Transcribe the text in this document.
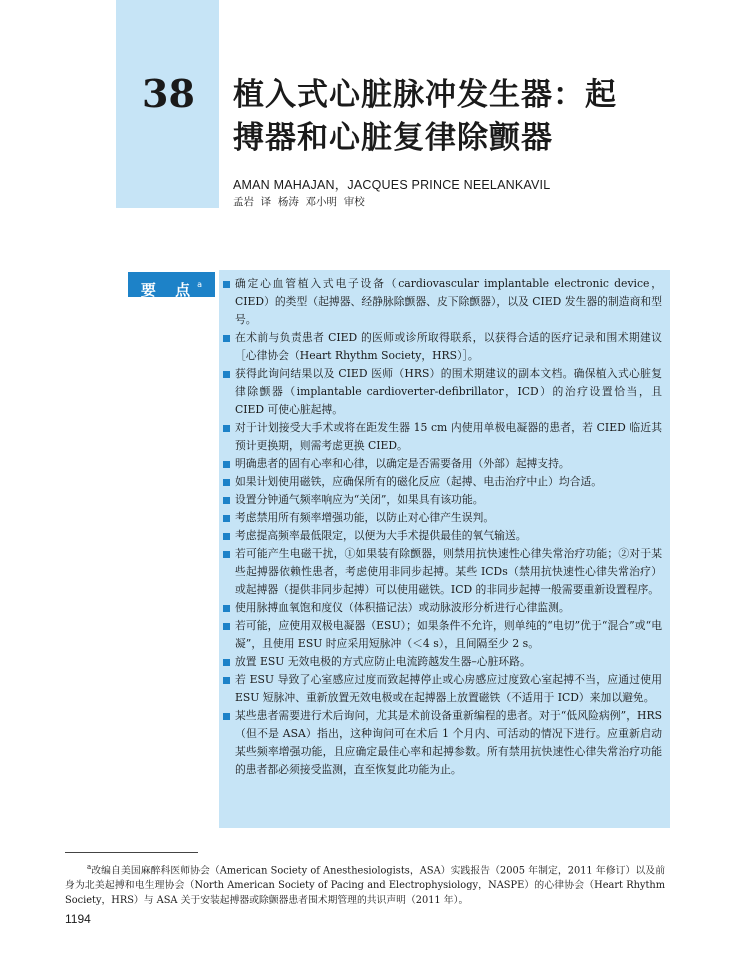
38 植入式心脏脉冲发生器：起
搏器和心脏复律除颤器
AMAN MAHAJAN，JACQUES PRINCE NEELANKAVIL
孟岩  译  杨涛  邓小明  审校
要 点$^a$	确定心血管植入式电子设备（cardiovascular implantable electronic device，CIED）的类型（起搏器、经静脉除颤器、皮下除颤器），以及 CIED 发生器的制造商和型号。
在术前与负责患者 CIED 的医师或诊所取得联系，以获得合适的医疗记录和围术期建议［心律协会（Heart Rhythm Society，HRS）］。
获得此询问结果以及 CIED 医师（HRS）的围术期建议的副本文档。确保植入式心脏复律除颤器（implantable cardioverter-defibrillator，ICD）的治疗设置恰当，且 CIED 可使心脏起搏。
对于计划接受大手术或将在距发生器 15 cm 内使用单极电凝器的患者，若 CIED 临近其预计更换期，则需考虑更换 CIED。
明确患者的固有心率和心律，以确定是否需要备用（外部）起搏支持。
如果计划使用磁铁，应确保所有的磁化反应（起搏、电击治疗中止）均合适。
设置分钟通气频率响应为“关闭”，如果具有该功能。
考虑禁用所有频率增强功能，以防止对心律产生误判。
考虑提高频率最低限定，以便为大手术提供最佳的氧气输送。
若可能产生电磁干扰，①如果装有除颤器，则禁用抗快速性心律失常治疗功能；②对于某些起搏器依赖性患者，考虑使用非同步起搏。某些 ICDs（禁用抗快速性心律失常治疗）或起搏器（提供非同步起搏）可以使用磁铁。ICD 的非同步起搏一般需要重新设置程序。
使用脉搏血氧饱和度仪（体积描记法）或动脉波形分析进行心律监测。
若可能，应使用双极电凝器（ESU）；如果条件不允许，则单纯的“电切”优于“混合”或“电凝”，且使用 ESU 时应采用短脉冲（＜4 s），且间隔至少 2 s。
放置 ESU 无效电极的方式应防止电流跨越发生器–心脏环路。
若 ESU 导致了心室感应过度而致起搏停止或心房感应过度致心室起搏不当，应通过使用 ESU 短脉冲、重新放置无效电极或在起搏器上放置磁铁（不适用于 ICD）来加以避免。
某些患者需要进行术后询问，尤其是术前设备重新编程的患者。对于“低风险病例”，HRS（但不是 ASA）指出，这种询问可在术后 1 个月内、可活动的情况下进行。应重新启动某些频率增强功能，且应确定最佳心率和起搏参数。所有禁用抗快速性心律失常治疗功能的患者都必须接受监测，直至恢复此功能为止。
$^a$改编自美国麻醉科医师协会（American Society of Anesthesiologists，ASA）实践报告（2005 年制定，2011 年修订）以及前身为北美起搏和电生理协会（North American Society of Pacing and Electrophysiology，NASPE）的心律协会（Heart Rhythm Society，HRS）与 ASA 关于安装起搏器或除颤器患者围术期管理的共识声明（2011 年）。
1194
